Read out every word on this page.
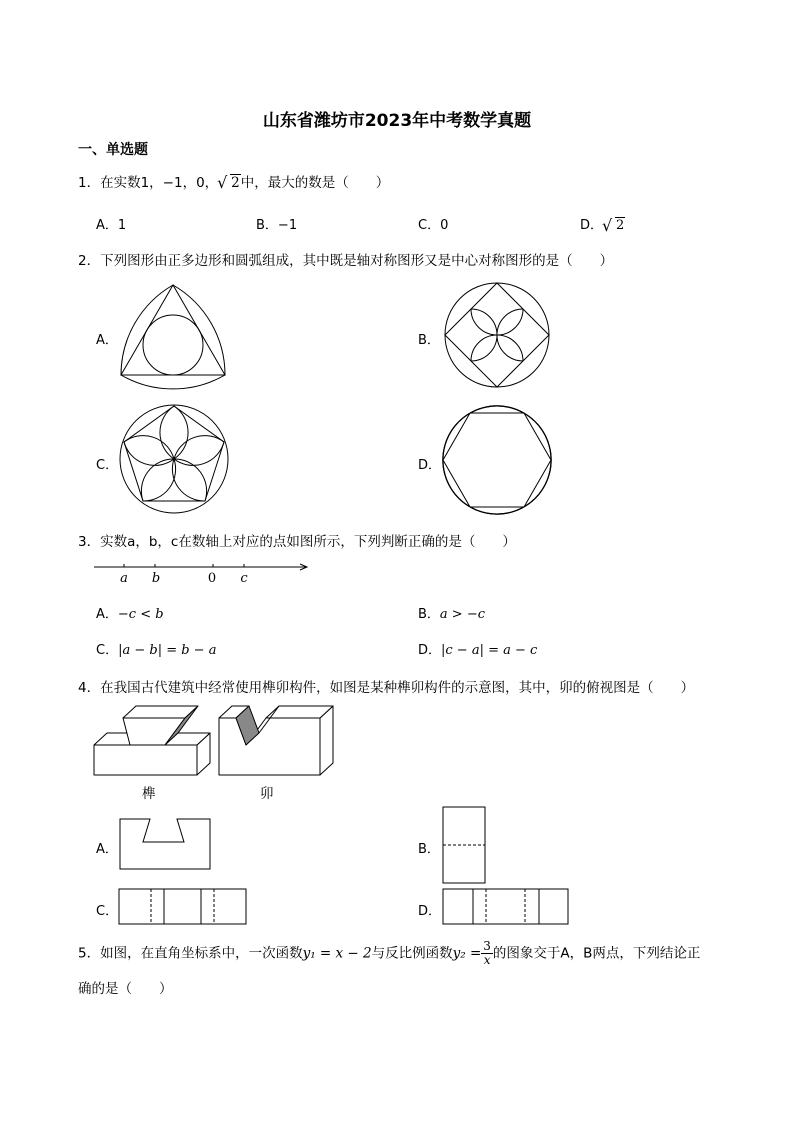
山东省潍坊市2023年中考数学真题
一、单选题
1．在实数1，−1，0， √ 2中，最大的数是（　　）
A．1	B．−1	C．0	D． √ 2
2．下列图形由正多边形和圆弧组成，其中既是轴对称图形又是中心对称图形的是（　　）
A．	B．
C．	D．
3．实数a，b，c在数轴上对应的点如图所示，下列判断正确的是（　　）
a b	0 c
A．−c < b	B．a > −c
C．|a − b| = b − a	D．|c − a| = a − c
4．在我国古代建筑中经常使用榫卯构件，如图是某种榫卯构件的示意图，其中，卯的俯视图是（　　）
榫	卯
A．	B．
C．	D．
5．如图，在直角坐标系中，一次函数y₁ = x − 2与反比例函数$y_2 = \frac{3}{x}$ 的图象交于A，B两点，下列结论正
确的是（　　）
